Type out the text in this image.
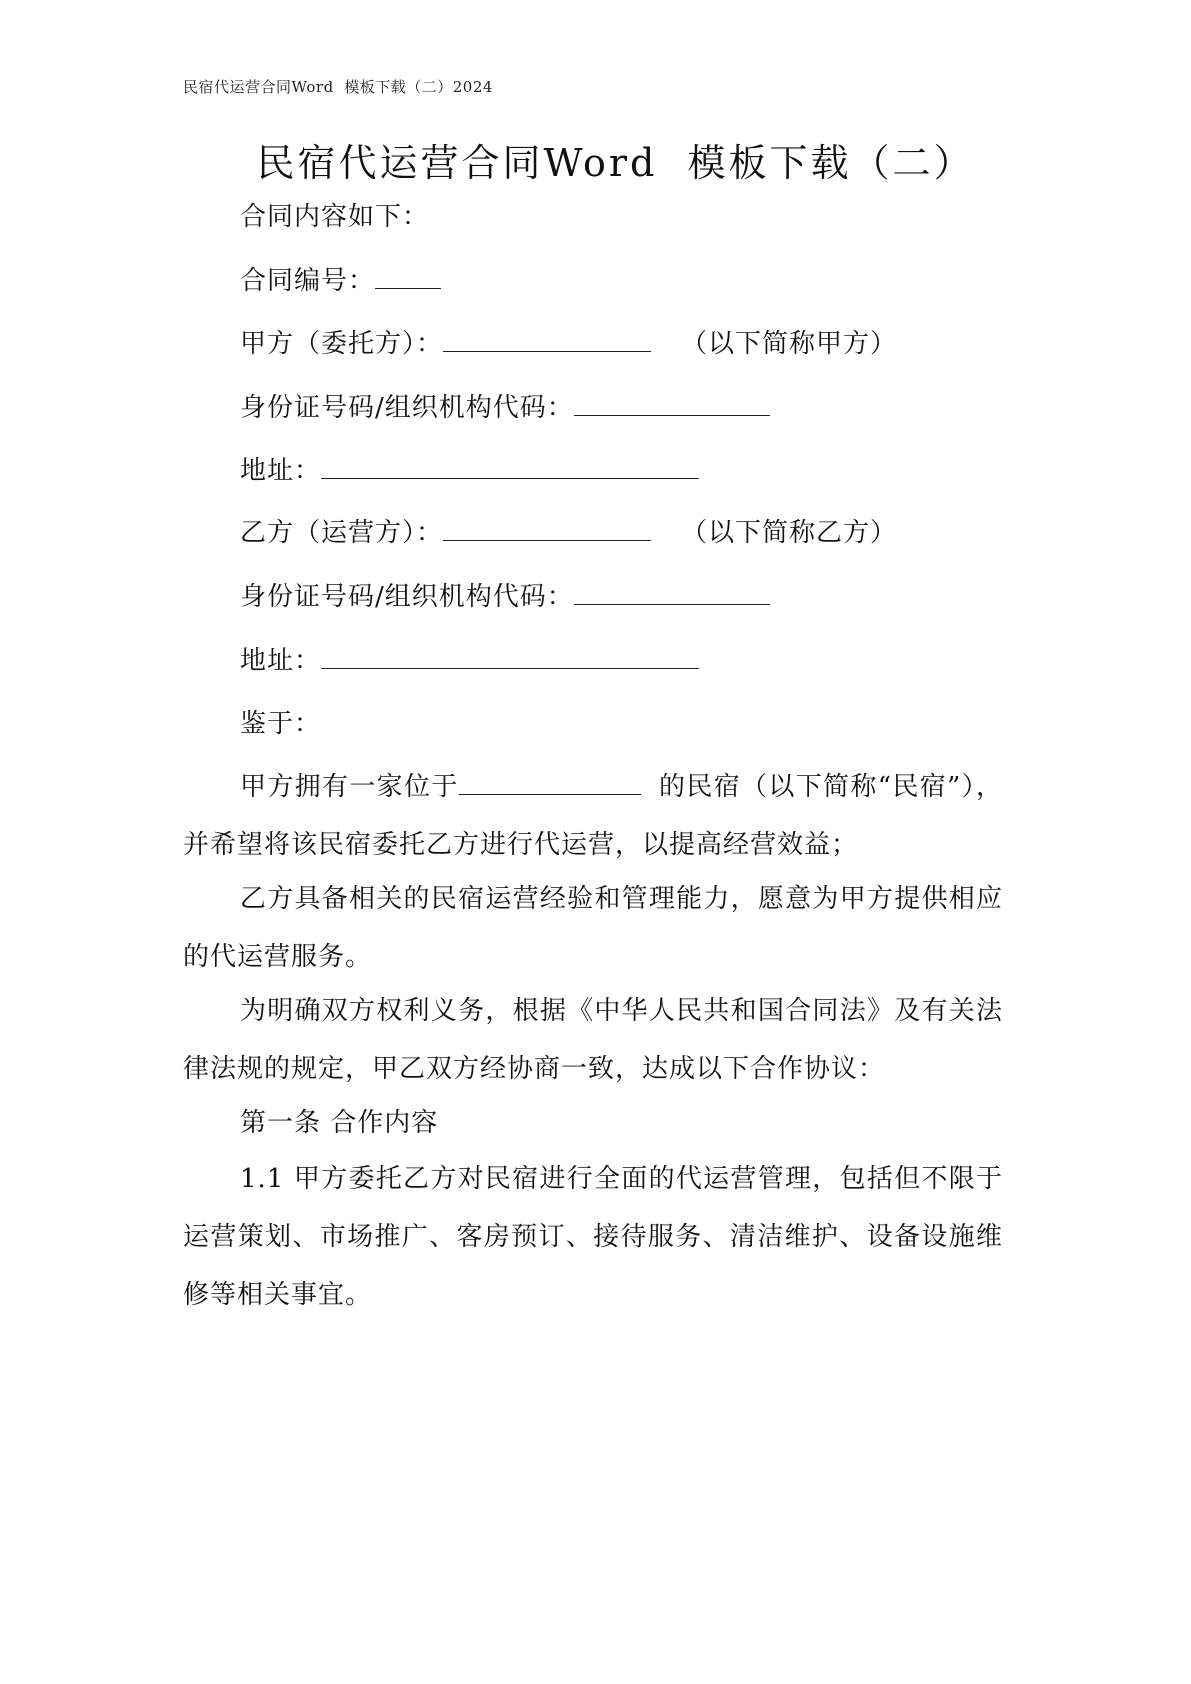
民宿代运营合同Word  模板下载（二）2024
民宿代运营合同Word  模板下载（二）
合同内容如下：
合同编号：
甲方（委托方）：	（以下简称甲方）
身份证号码/组织机构代码：
地址：
乙方（运营方）：	（以下简称乙方）
身份证号码/组织机构代码：
地址：
鉴于：
甲方拥有一家位于	的民宿（以下简称“民宿”），并希望将该民宿委托乙方进行代运营，以提高经营效益；
乙方具备相关的民宿运营经验和管理能力，愿意为甲方提供相应的代运营服务。
为明确双方权利义务，根据《中华人民共和国合同法》及有关法律法规的规定，甲乙双方经协商一致，达成以下合作协议：
第一条 合作内容
1.1 甲方委托乙方对民宿进行全面的代运营管理，包括但不限于运营策划、市场推广、客房预订、接待服务、清洁维护、设备设施维修等相关事宜。
